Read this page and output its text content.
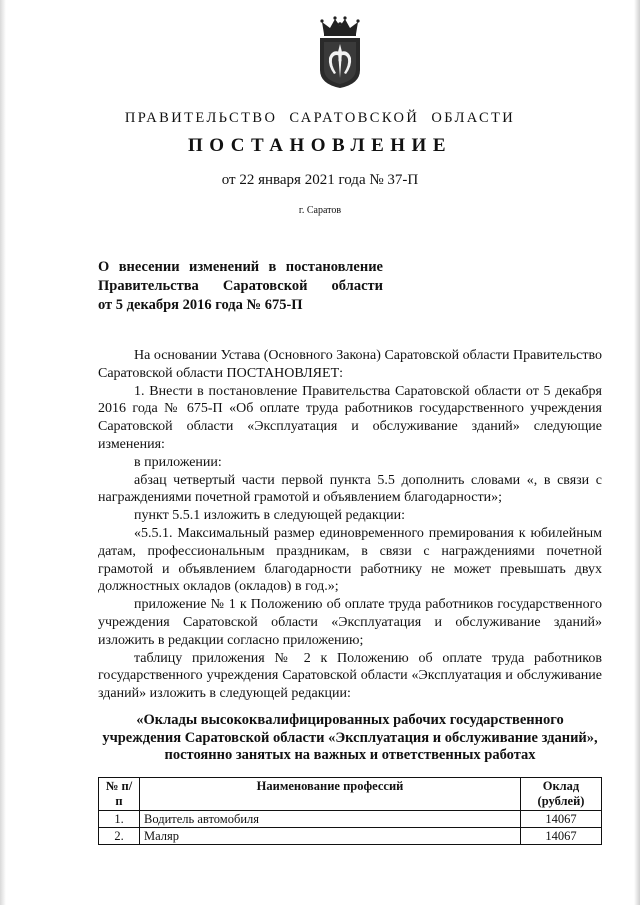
ПРАВИТЕЛЬСТВО САРАТОВСКОЙ ОБЛАСТИ
ПОСТАНОВЛЕНИЕ
от 22 января 2021 года № 37-П
г. Саратов
О внесении изменений в постановление
Правительства Саратовской области
от 5 декабря 2016 года № 675-П

На основании Устава (Основного Закона) Саратовской области Правительство Саратовской области ПОСТАНОВЛЯЕТ:

1. Внести в постановление Правительства Саратовской области от 5 декабря 2016 года № 675-П «Об оплате труда работников государственного учреждения Саратовской области «Эксплуатация и обслуживание зданий» следующие изменения:

в приложении:

абзац четвертый части первой пункта 5.5 дополнить словами «, в связи с награждениями почетной грамотой и объявлением благодарности»;

пункт 5.5.1 изложить в следующей редакции:

«5.5.1. Максимальный размер единовременного премирования к юбилейным датам, профессиональным праздникам, в связи с награждениями почетной грамотой и объявлением благодарности работнику не может превышать двух должностных окладов (окладов) в год.»;

приложение № 1 к Положению об оплате труда работников государственного учреждения Саратовской области «Эксплуатация и обслуживание зданий» изложить в редакции согласно приложению;

таблицу приложения № 2 к Положению об оплате труда работников государственного учреждения Саратовской области «Эксплуатация и обслуживание зданий» изложить в следующей редакции:

«Оклады высококвалифицированных рабочих государственного учреждения Саратовской области «Эксплуатация и обслуживание зданий», постоянно занятых на важных и ответственных работах
№ п/п	Наименование профессий	Оклад (рублей)
1.	Водитель автомобиля	14067
2.	Маляр	14067
